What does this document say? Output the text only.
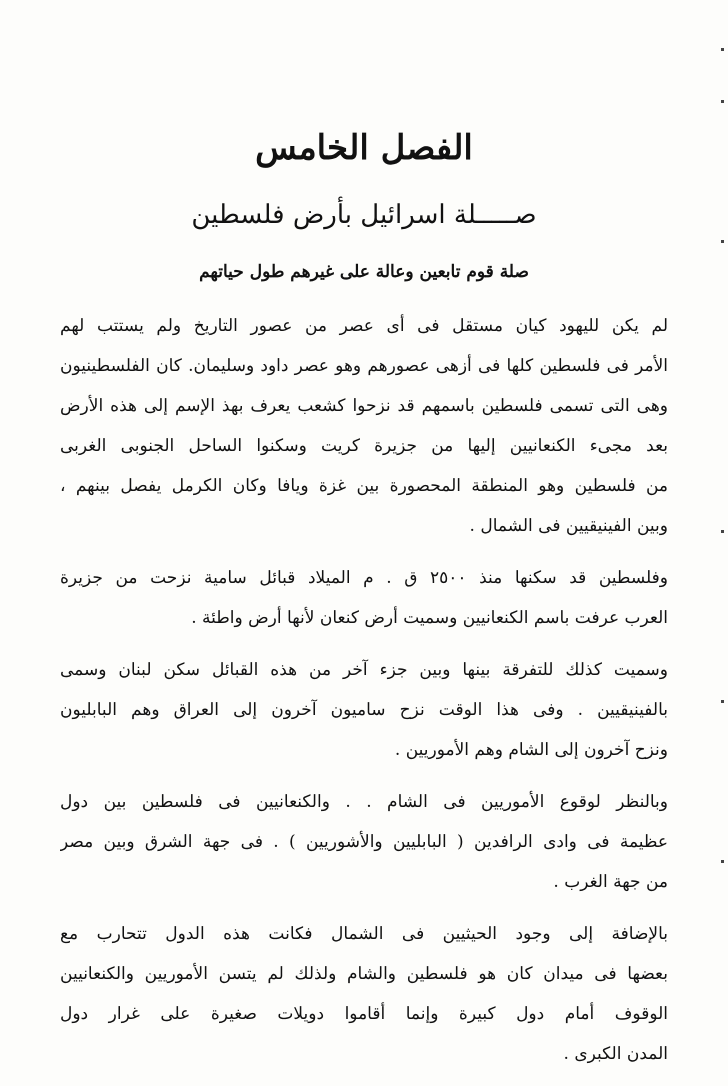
الفصل الخامس
صـــــلة اسرائيل بأرض فلسطين
صلة قوم تابعين وعالة على غيرهم طول حياتهم
لم يكن لليهود كيان مستقل فى أى عصر من عصور التاريخ ولم يستتب لهم
الأمر فى فلسطين كلها فى أزهى عصورهم وهو عصر داود وسليمان. كان الفلسطينيون
وهى التى تسمى فلسطين باسمهم قد نزحوا كشعب يعرف بهذ الإسم إلى هذه الأرض
بعد مجىء الكنعانيين إليها من جزيرة كريت وسكنوا الساحل الجنوبى الغربى
من فلسطين وهو المنطقة المحصورة بين غزة ويافا وكان الكرمل يفصل بينهم ،
وبين الفينيقيين فى الشمال .
وفلسطين قد سكنها منذ ٢٥٠٠ ق . م الميلاد قبائل سامية نزحت من جزيرة
العرب عرفت باسم الكنعانيين وسميت أرض كنعان لأنها أرض واطئة .
وسميت كذلك للتفرقة بينها وبين جزء آخر من هذه القبائل سكن لبنان وسمى
بالفينيقيين . وفى هذا الوقت نزح ساميون آخرون إلى العراق وهم البابليون
ونزح آخرون إلى الشام وهم الأموريين .
وبالنظر لوقوع الأموريين فى الشام . . والكنعانيين فى فلسطين بين دول
عظيمة فى وادى الرافدين ( البابليين والأشوريين ) . فى جهة الشرق وبين مصر
من جهة الغرب .
بالإضافة إلى وجود الحيثيين فى الشمال فكانت هذه الدول تتحارب مع
بعضها فى ميدان كان هو فلسطين والشام ولذلك لم يتسن الأموريين والكنعانيين
الوقوف أمام دول كبيرة وإنما أقاموا دويلات صغيرة على غرار دول
المدن الكبرى .
